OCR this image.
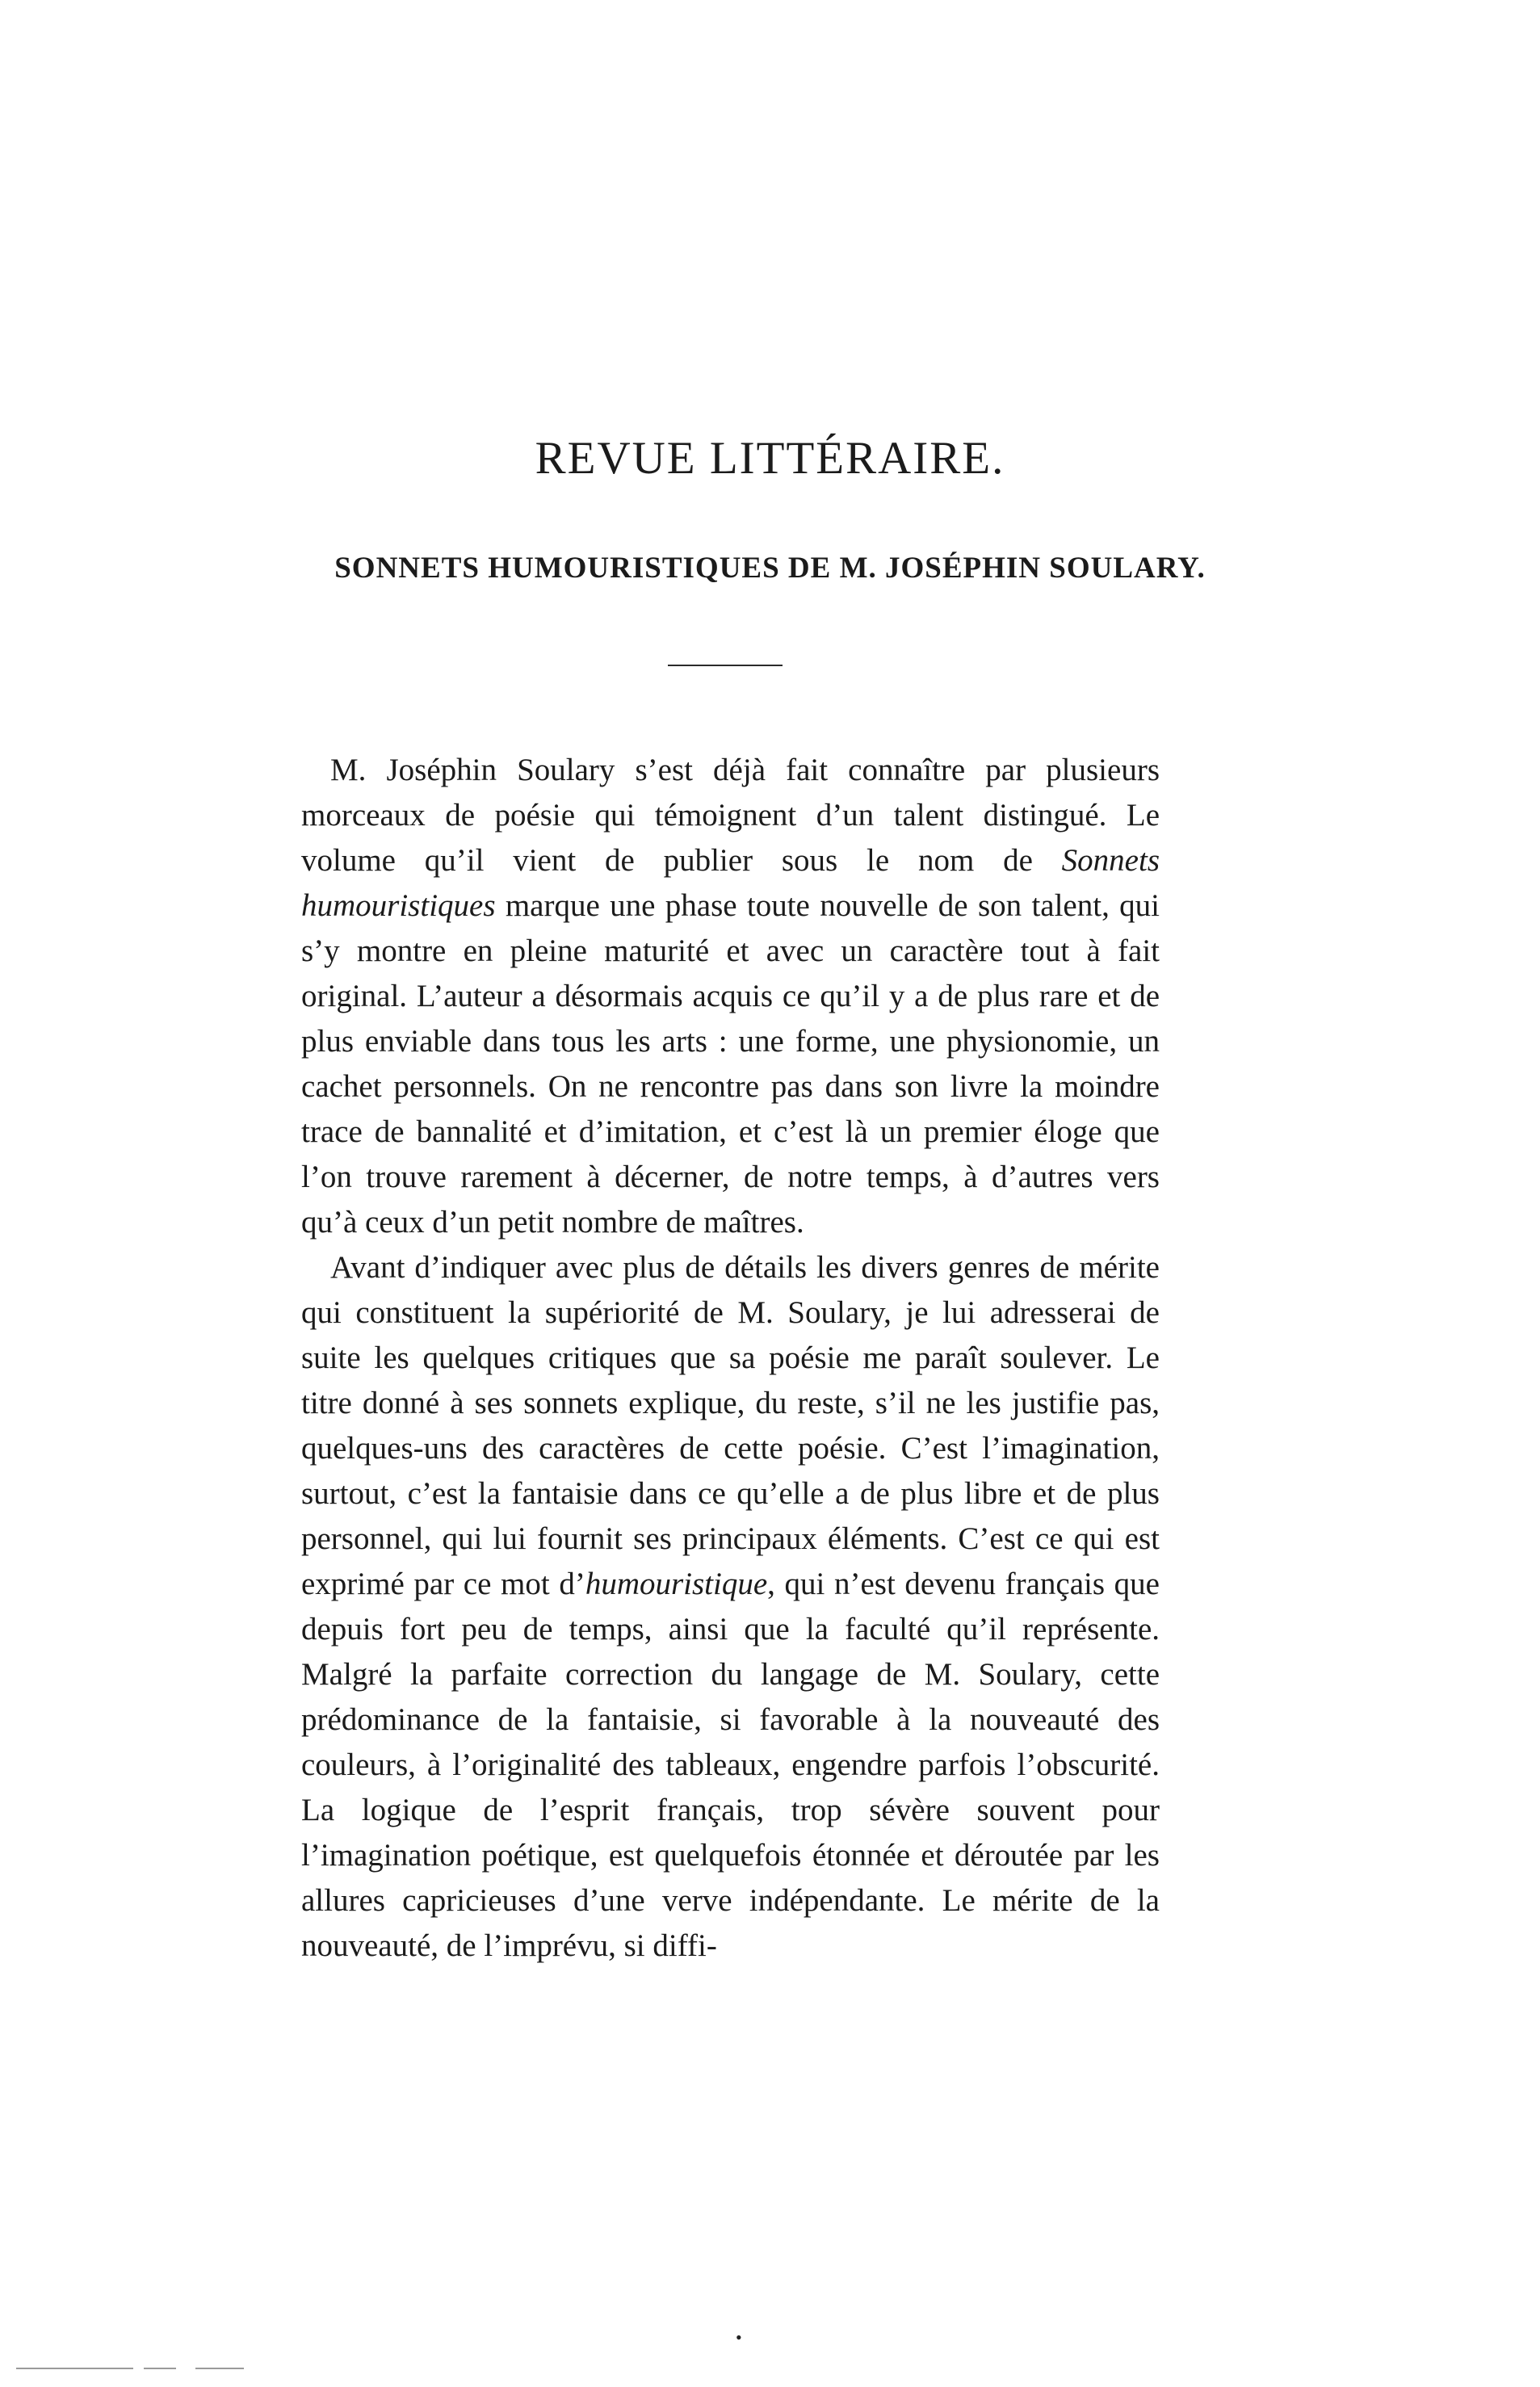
REVUE LITTÉRAIRE.
SONNETS HUMOURISTIQUES DE M. JOSÉPHIN SOULARY.

M. Joséphin Soulary s’est déjà fait connaître par plusieurs morceaux de poésie qui témoignent d’un talent distingué. Le volume qu’il vient de publier sous le nom de Sonnets humouristiques marque une phase toute nouvelle de son talent, qui s’y montre en pleine maturité et avec un caractère tout à fait original. L’auteur a désormais acquis ce qu’il y a de plus rare et de plus enviable dans tous les arts : une forme, une physionomie, un cachet personnels. On ne rencontre pas dans son livre la moindre trace de bannalité et d’imitation, et c’est là un premier éloge que l’on trouve rarement à décerner, de notre temps, à d’autres vers qu’à ceux d’un petit nombre de maîtres.

Avant d’indiquer avec plus de détails les divers genres de mérite qui constituent la supériorité de M. Soulary, je lui adresserai de suite les quelques critiques que sa poésie me paraît soulever. Le titre donné à ses sonnets explique, du reste, s’il ne les justifie pas, quelques-uns des caractères de cette poésie. C’est l’imagination, surtout, c’est la fantaisie dans ce qu’elle a de plus libre et de plus personnel, qui lui fournit ses principaux éléments. C’est ce qui est exprimé par ce mot d’humouristique, qui n’est devenu français que depuis fort peu de temps, ainsi que la faculté qu’il représente. Malgré la parfaite correction du langage de M. Soulary, cette prédominance de la fantaisie, si favorable à la nouveauté des couleurs, à l’originalité des tableaux, engendre parfois l’obscurité. La logique de l’esprit français, trop sévère souvent pour l’imagination poétique, est quelquefois étonnée et déroutée par les allures capricieuses d’une verve indépendante. Le mérite de la nouveauté, de l’imprévu, si diffi-

•
